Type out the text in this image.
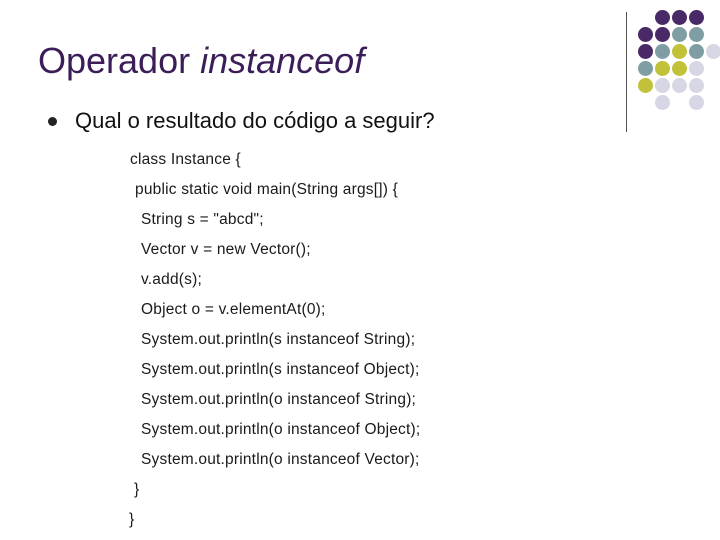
Operador instanceof
Qual o resultado do código a seguir?
class Instance {
public static void main(String args[]) {
String s = "abcd";
Vector v = new Vector();
v.add(s);
Object o = v.elementAt(0);
System.out.println(s instanceof String);
System.out.println(s instanceof Object);
System.out.println(o instanceof String);
System.out.println(o instanceof Object);
System.out.println(o instanceof Vector);
}
}
